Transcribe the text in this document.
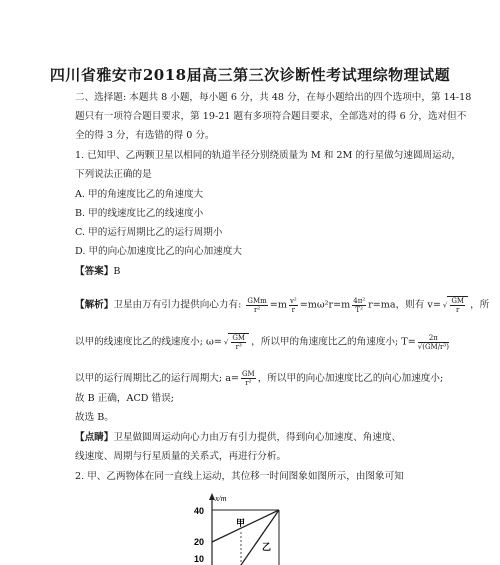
四川省雅安市2018届高三第三次诊断性考试理综物理试题
二、选择题: 本题共 8 小题，每小题 6 分，共 48 分，在每小题给出的四个选项中，第 14-18
题只有一项符合题目要求，第 19-21 题有多项符合题目要求，全部选对的得 6 分，选对但不
全的得 3 分，有选错的得 0 分。
1. 已知甲、乙两颗卫星以相同的轨道半径分别绕质量为 M 和 2M 的行星做匀速圆周运动，
下列说法正确的是
A. 甲的角速度比乙的角速度大
B. 甲的线速度比乙的线速度小
C. 甲的运行周期比乙的运行周期小
D. 甲的向心加速度比乙的向心加速度大
【答案】B
【解析】卫星由万有引力提供向心力有: $\frac{\text{GMm}}{\text{r²}} =m \frac{\text{v²}}{r} =m\omega^2r=m \frac{\text{4π²}}{\text{T²}} r=ma$，则有 v= √ $\frac{GM}{r}$ ，所
以甲的线速度比乙的线速度小; ω= √ $\frac{GM}{\text{r³}}$ ，所以甲的角速度比乙的角速度小; $T= \frac{2\pi}{\text{√(GM/r³)}}$
以甲的运行周期比乙的运行周期大; $a= \frac{GM}{\text{r²}}$ ，所以甲的向心加速度比乙的向心加速度小;
故 B 正确，ACD 错误;
故选 B。
【点睛】卫星做圆周运动向心力由万有引力提供，得到向心加速度、角速度、
线速度、周期与行星质量的关系式，再进行分析。
2. 甲、乙两物体在同一直线上运动，其位移一时间图象如图所示，由图象可知
x/m
40
20
10
甲
乙
